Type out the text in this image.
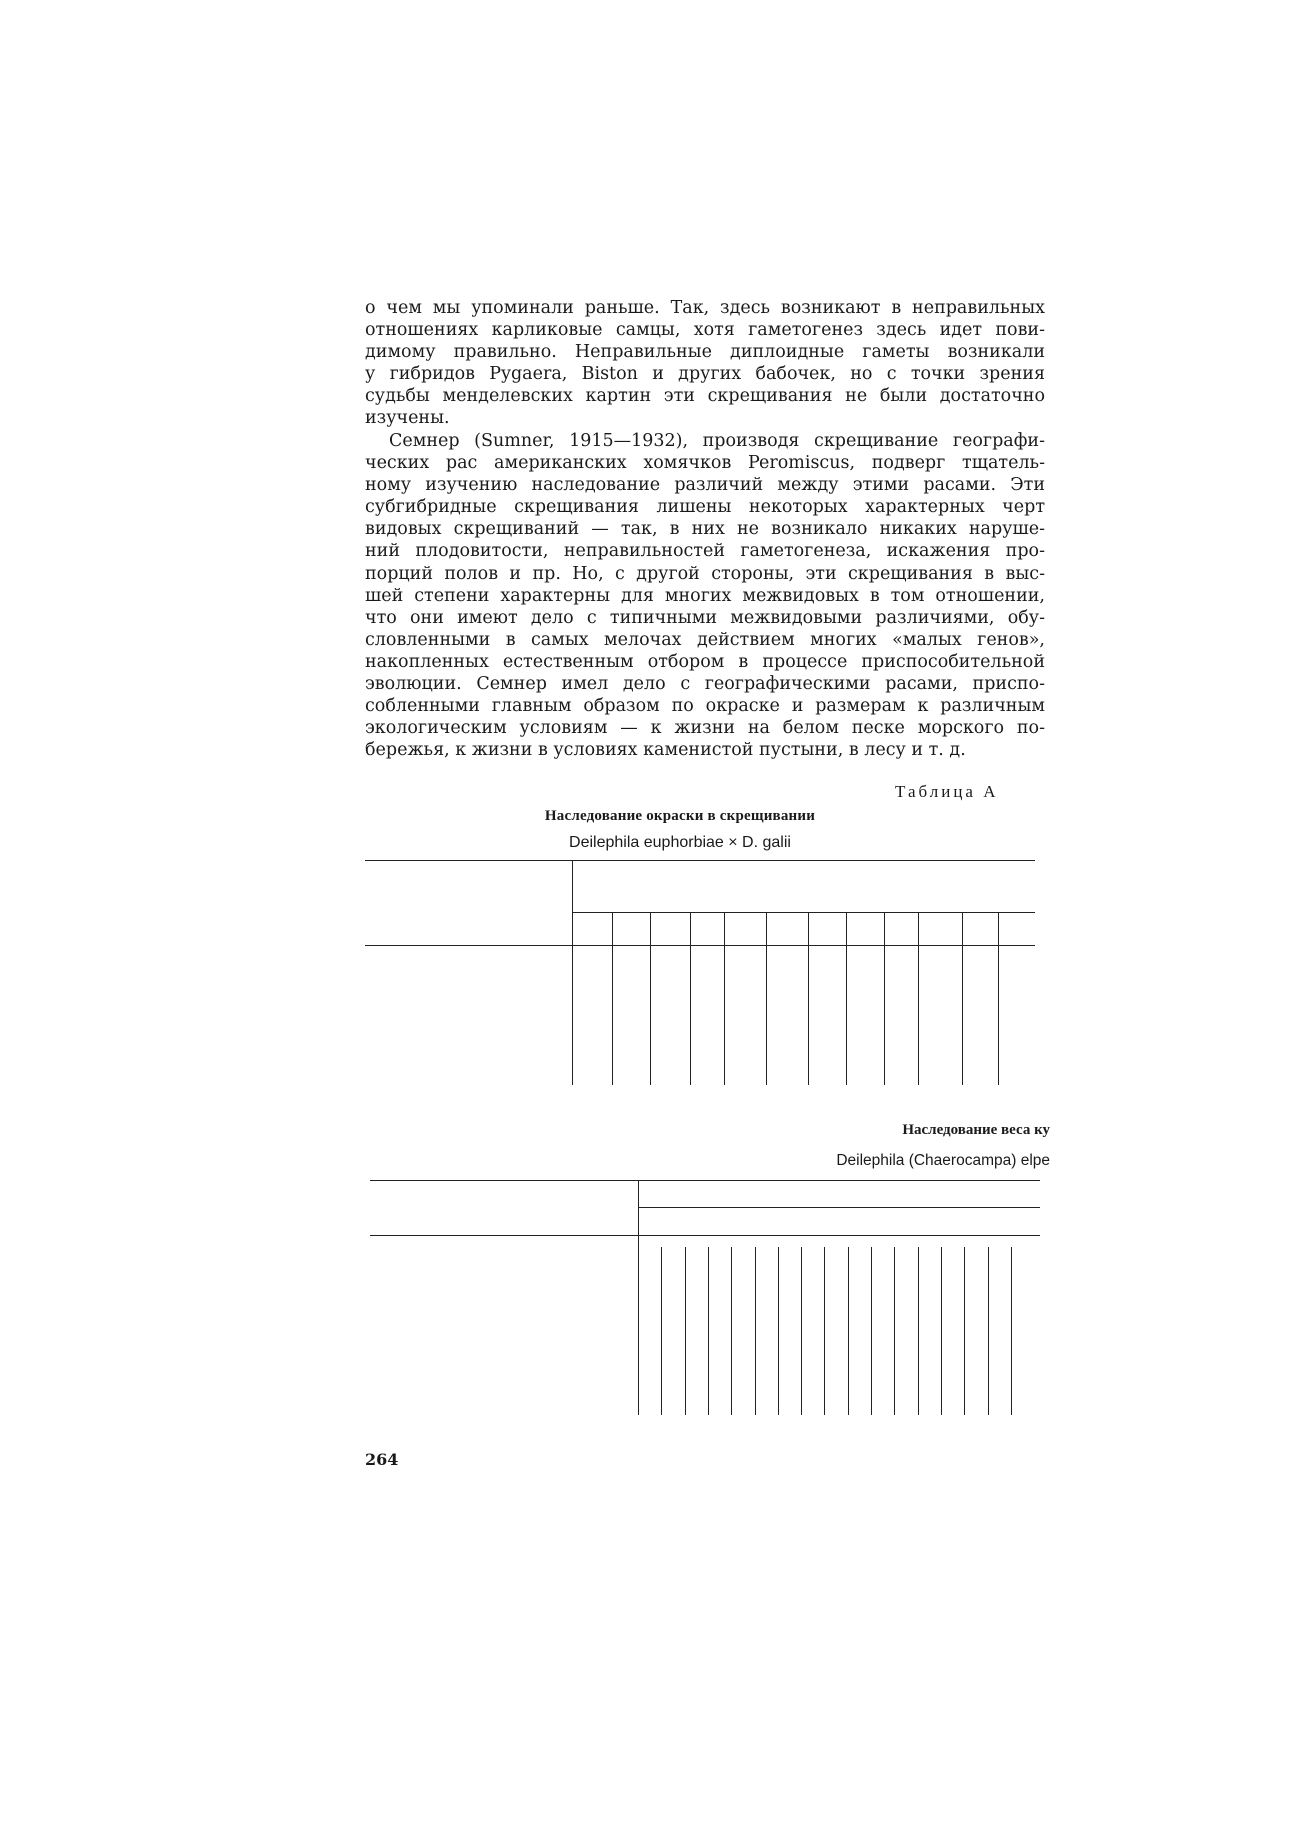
о чем мы упоминали раньше. Так, здесь возникают в неправильных
отношениях карликовые самцы, хотя гаметогенез здесь идет пови-
димому правильно. Неправильные диплоидные гаметы возникали
у гибридов Pygaera, Biston и других бабочек, но с точки зрения
судьбы менделевских картин эти скрещивания не были достаточно
изучены.
Семнер (Sumner, 1915—1932), производя скрещивание географи-
ческих рас американских хомячков Peromiscus, подверг тщатель-
ному изучению наследование различий между этими расами. Эти
субгибридные скрещивания лишены некоторых характерных черт
видовых скрещиваний — так, в них не возникало никаких наруше-
ний плодовитости, неправильностей гаметогенеза, искажения про-
порций полов и пр. Но, с другой стороны, эти скрещивания в выс-
шей степени характерны для многих межвидовых в том отношении,
что они имеют дело с типичными межвидовыми различиями, обу-
словленными в самых мелочах действием многих «малых генов»,
накопленных естественным отбором в процессе приспособительной
эволюции. Семнер имел дело с географическими расами, приспо-
собленными главным образом по окраске и размерам к различным
экологическим условиям — к жизни на белом песке морского по-
бережья, к жизни в условиях каменистой пустыни, в лесу и т. д.
Таблица А
Наследование окраски в скрещивании
Deilephila euphorbiae × D. galii
Наследование веса ку
Deilephila (Chaerocampa) elpe
264
